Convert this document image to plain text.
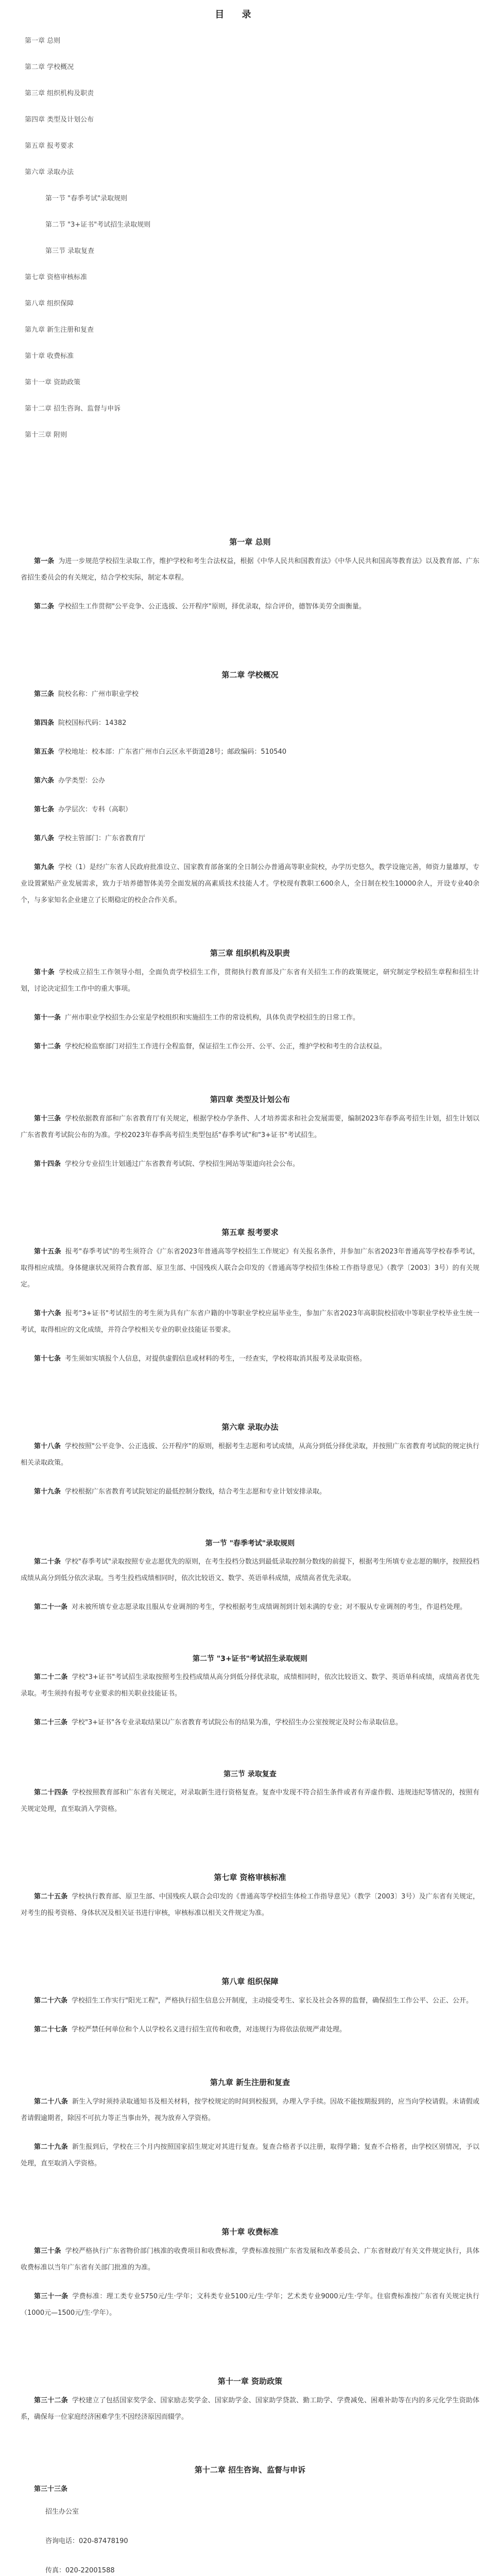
目 录
第一章 总则
第二章 学校概况
第三章 组织机构及职责
第四章 类型及计划公布
第五章 报考要求
第六章 录取办法
第一节 "春季考试"录取规则
第二节 "3+证书"考试招生录取规则
第三节 录取复查
第七章 资格审核标准
第八章 组织保障
第九章 新生注册和复查
第十章 收费标准
第十一章 资助政策
第十二章 招生咨询、监督与申诉
第十三章 附则
第一章 总则

第一条 为进一步规范学校招生录取工作，维护学校和考生合法权益，根据《中华人民共和国教育法》《中华人民共和国高等教育法》以及教育部、广东省招生委员会的有关规定，结合学校实际，制定本章程。

第二条 学校招生工作贯彻"公平竞争、公正选拔、公开程序"原则，择优录取，综合评价，德智体美劳全面衡量。

第二章 学校概况

第三条 院校名称：广州市职业学校

第四条 院校国标代码：14382

第五条 学校地址：校本部：广东省广州市白云区永平街道28号；邮政编码：510540

第六条 办学类型：公办

第七条 办学层次：专科（高职）

第八条 学校主管部门：广东省教育厅

第九条 学校（1）是经广东省人民政府批准设立、国家教育部备案的全日制公办普通高等职业院校，办学历史悠久，教学设施完善，师资力量雄厚，专业设置紧贴产业发展需求，致力于培养德智体美劳全面发展的高素质技术技能人才。学校现有教职工600余人，全日制在校生10000余人，开设专业40余个，与多家知名企业建立了长期稳定的校企合作关系。

第三章 组织机构及职责

第十条 学校成立招生工作领导小组，全面负责学校招生工作，贯彻执行教育部及广东省有关招生工作的政策规定，研究制定学校招生章程和招生计划，讨论决定招生工作中的重大事项。

第十一条 广州市职业学校招生办公室是学校组织和实施招生工作的常设机构，具体负责学校招生的日常工作。

第十二条 学校纪检监察部门对招生工作进行全程监督，保证招生工作公开、公平、公正，维护学校和考生的合法权益。

第四章 类型及计划公布

第十三条 学校依据教育部和广东省教育厅有关规定，根据学校办学条件、人才培养需求和社会发展需要，编制2023年春季高考招生计划，招生计划以广东省教育考试院公布的为准。学校2023年春季高考招生类型包括"春季考试"和"3+证书"考试招生。

第十四条 学校分专业招生计划通过广东省教育考试院、学校招生网站等渠道向社会公布。

第五章 报考要求

第十五条 报考"春季考试"的考生须符合《广东省2023年普通高等学校招生工作规定》有关报名条件，并参加广东省2023年普通高等学校春季考试，取得相应成绩。身体健康状况须符合教育部、原卫生部、中国残疾人联合会印发的《普通高等学校招生体检工作指导意见》（教学〔2003〕3号）的有关规定。

第十六条 报考"3+证书"考试招生的考生须为具有广东省户籍的中等职业学校应届毕业生，参加广东省2023年高职院校招收中等职业学校毕业生统一考试，取得相应的文化成绩，并符合学校相关专业的职业技能证书要求。

第十七条 考生须如实填报个人信息，对提供虚假信息或材料的考生，一经查实，学校将取消其报考及录取资格。

第六章 录取办法

第十八条 学校按照"公平竞争、公正选拔、公开程序"的原则，根据考生志愿和考试成绩，从高分到低分择优录取，并按照广东省教育考试院的规定执行相关录取政策。

第十九条 学校根据广东省教育考试院划定的最低控制分数线，结合考生志愿和专业计划安排录取。

第一节 "春季考试"录取规则

第二十条 学校"春季考试"录取按照专业志愿优先的原则，在考生投档分数达到最低录取控制分数线的前提下，根据考生所填专业志愿的顺序，按照投档成绩从高分到低分依次录取。当考生投档成绩相同时，依次比较语文、数学、英语单科成绩，成绩高者优先录取。

第二十一条 对未被所填专业志愿录取且服从专业调剂的考生，学校根据考生成绩调剂到计划未满的专业；对不服从专业调剂的考生，作退档处理。

第二节 "3+证书"考试招生录取规则

第二十二条 学校"3+证书"考试招生录取按照考生投档成绩从高分到低分择优录取，成绩相同时，依次比较语文、数学、英语单科成绩，成绩高者优先录取。考生须持有报考专业要求的相关职业技能证书。

第二十三条 学校"3+证书"各专业录取结果以广东省教育考试院公布的结果为准，学校招生办公室按规定及时公布录取信息。

第三节 录取复查

第二十四条 学校按照教育部和广东省有关规定，对录取新生进行资格复查。复查中发现不符合招生条件或者有弄虚作假、违规违纪等情况的，按照有关规定处理，直至取消入学资格。

第七章 资格审核标准

第二十五条 学校执行教育部、原卫生部、中国残疾人联合会印发的《普通高等学校招生体检工作指导意见》（教学〔2003〕3号）及广东省有关规定，对考生的报考资格、身体状况及相关证书进行审核，审核标准以相关文件规定为准。

第八章 组织保障

第二十六条 学校招生工作实行"阳光工程"，严格执行招生信息公开制度，主动接受考生、家长及社会各界的监督，确保招生工作公平、公正、公开。

第二十七条 学校严禁任何单位和个人以学校名义进行招生宣传和收费，对违规行为将依法依规严肃处理。

第九章 新生注册和复查

第二十八条 新生入学时须持录取通知书及相关材料，按学校规定的时间到校报到，办理入学手续。因故不能按期报到的，应当向学校请假。未请假或者请假逾期者，除因不可抗力等正当事由外，视为放弃入学资格。

第二十九条 新生报到后，学校在三个月内按照国家招生规定对其进行复查。复查合格者予以注册，取得学籍；复查不合格者，由学校区别情况，予以处理，直至取消入学资格。

第十章 收费标准

第三十条 学校严格执行广东省物价部门核准的收费项目和收费标准，学费标准按照广东省发展和改革委员会、广东省财政厅有关文件规定执行，具体收费标准以当年广东省有关部门批准的为准。

第三十一条 学费标准：理工类专业5750元/生·学年；文科类专业5100元/生·学年；艺术类专业9000元/生·学年。住宿费标准按广东省有关规定执行（1000元—1500元/生·学年）。

第十一章 资助政策

第三十二条 学校建立了包括国家奖学金、国家励志奖学金、国家助学金、国家助学贷款、勤工助学、学费减免、困难补助等在内的多元化学生资助体系，确保每一位家庭经济困难学生不因经济原因而辍学。

第十二章 招生咨询、监督与申诉

第三十三条

招生办公室

咨询电话：020-87478190

传真：020-22001588
